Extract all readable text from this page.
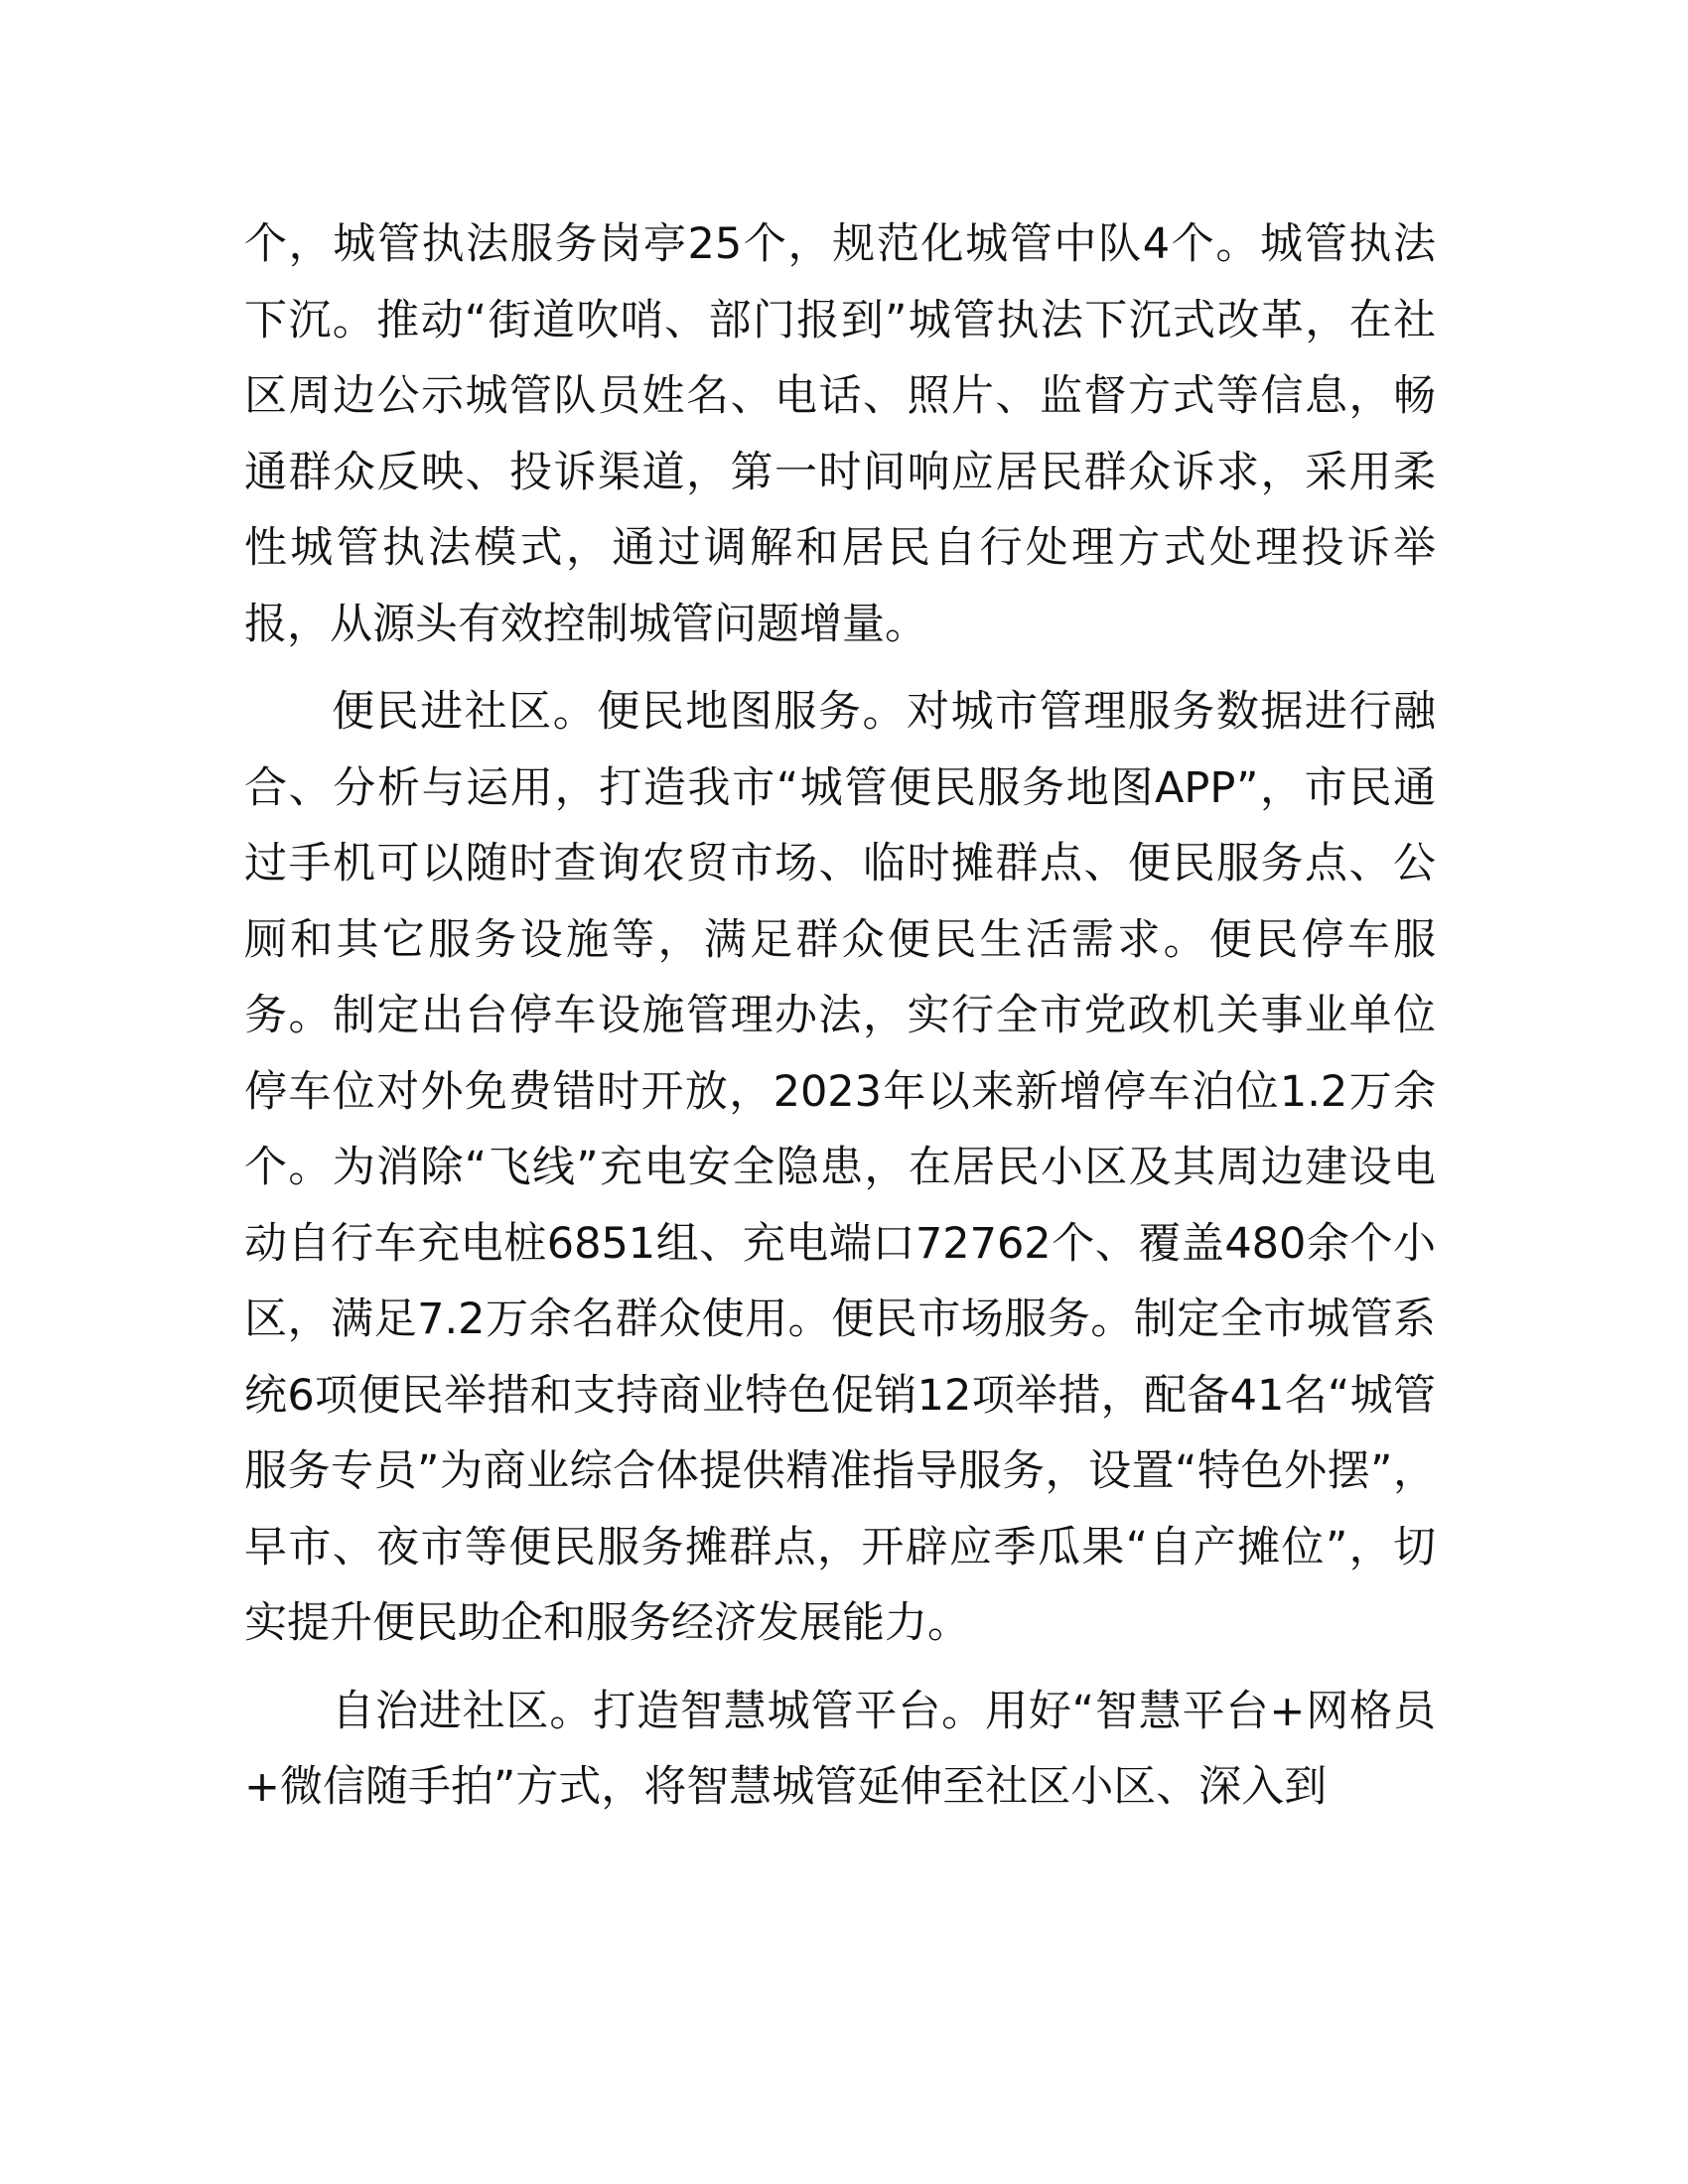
个，城管执法服务岗亭25个，规范化城管中队4个。城管执法下沉。推动“街道吹哨、部门报到”城管执法下沉式改革，在社区周边公示城管队员姓名、电话、照片、监督方式等信息，畅通群众反映、投诉渠道，第一时间响应居民群众诉求，采用柔性城管执法模式，通过调解和居民自行处理方式处理投诉举报，从源头有效控制城管问题增量。

便民进社区。便民地图服务。对城市管理服务数据进行融合、分析与运用，打造我市“城管便民服务地图APP”，市民通过手机可以随时查询农贸市场、临时摊群点、便民服务点、公厕和其它服务设施等，满足群众便民生活需求。便民停车服务。制定出台停车设施管理办法，实行全市党政机关事业单位停车位对外免费错时开放，2023年以来新增停车泊位1.2万余个。为消除“飞线”充电安全隐患，在居民小区及其周边建设电动自行车充电桩6851组、充电端口72762个、覆盖480余个小区，满足7.2万余名群众使用。便民市场服务。制定全市城管系统6项便民举措和支持商业特色促销12项举措，配备41名“城管服务专员”为商业综合体提供精准指导服务，设置“特色外摆”，早市、夜市等便民服务摊群点，开辟应季瓜果“自产摊位”，切实提升便民助企和服务经济发展能力。

自治进社区。打造智慧城管平台。用好“智慧平台+网格员+微信随手拍”方式，将智慧城管延伸至社区小区、深入到
